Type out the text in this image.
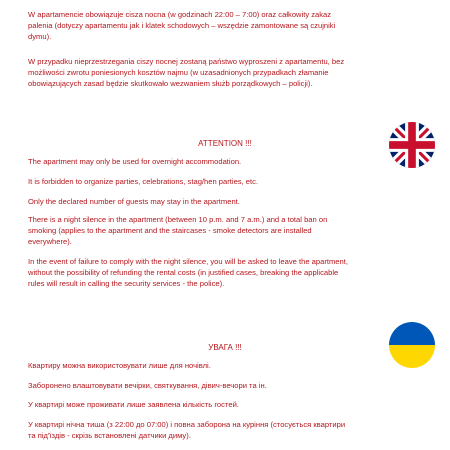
W apartamencie obowiązuje cisza nocna (w godzinach 22:00 – 7:00) oraz całkowity zakaz

palenia (dotyczy apartamentu jak i klatek schodowych – wszędzie zamontowane są czujniki

dymu).

W przypadku nieprzestrzegania ciszy nocnej zostaną państwo wyproszeni z apartamentu, bez

możliwości zwrotu poniesionych kosztów najmu (w uzasadnionych przypadkach złamanie

obowiązujących zasad będzie skutkowało wezwaniem służb porządkowych – policji).

ATTENTION !!!

The apartment may only be used for overnight accommodation.

It is forbidden to organize parties, celebrations, stag/hen parties, etc.

Only the declared number of guests may stay in the apartment.

There is a night silence in the apartment (between 10 p.m. and 7 a.m.) and a total ban on

smoking (applies to the apartment and the staircases - smoke detectors are installed

everywhere).

In the event of failure to comply with the night silence, you will be asked to leave the apartment,

without the possibility of refunding the rental costs (in justified cases, breaking the applicable

rules will result in calling the security services - the police).

УВАГА !!!

Квартиру можна використовувати лише для ночівлі.

Заборонено влаштовувати вечірки, святкування, дівич-вечори та ін.

У квартирі може проживати лише заявлена кількість гостей.

У квартирі нічна тиша (з 22:00 до 07:00) і повна заборона на куріння (стосується квартири

та під'їздів - скрізь встановлені датчики диму).
